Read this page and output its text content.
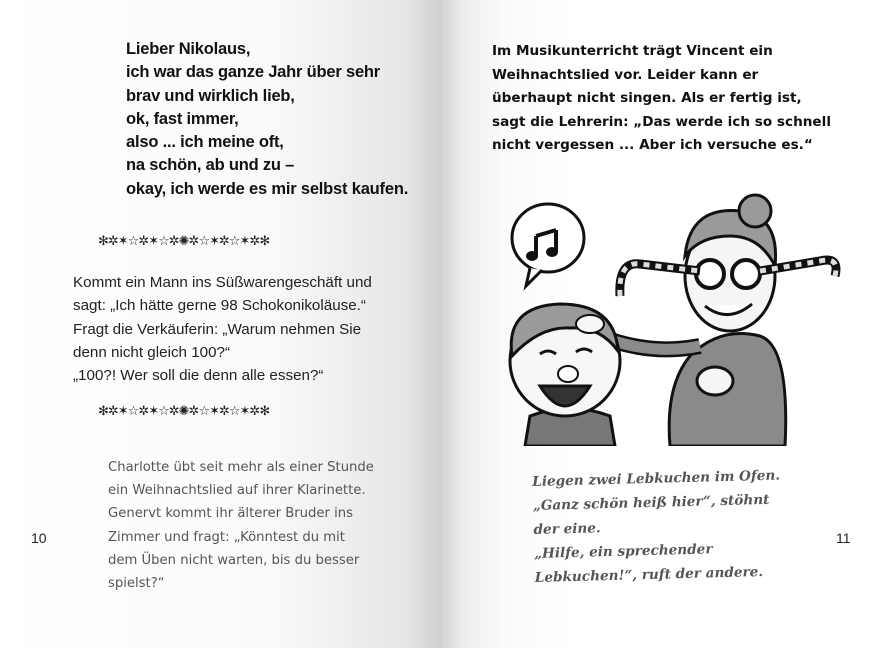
Lieber Nikolaus,
ich war das ganze Jahr über sehr
brav und wirklich lieb,
ok, fast immer,
also ... ich meine oft,
na schön, ab und zu –
okay, ich werde es mir selbst kaufen.
✻✲✶☆✲✶☆✲✺✲☆✶✲☆✶✲✻
Kommt ein Mann ins Süßwarengeschäft und
sagt: „Ich hätte gerne 98 Schokonikoläuse.“
Fragt die Verkäuferin: „Warum nehmen Sie
denn nicht gleich 100?“
„100?! Wer soll die denn alle essen?“
✻✲✶☆✲✶☆✲✺✲☆✶✲☆✶✲✻
Charlotte übt seit mehr als einer Stunde
ein Weihnachtslied auf ihrer Klarinette.
Genervt kommt ihr älterer Bruder ins
Zimmer und fragt: „Könntest du mit
dem Üben nicht warten, bis du besser
spielst?“
10
Im Musikunterricht trägt Vincent ein
Weihnachtslied vor. Leider kann er
überhaupt nicht singen. Als er fertig ist,
sagt die Lehrerin: „Das werde ich so schnell
nicht vergessen ... Aber ich versuche es.“
Liegen zwei Lebkuchen im Ofen.
„Ganz schön heiß hier“, stöhnt
der eine.
„Hilfe, ein sprechender
Lebkuchen!“, ruft der andere.
11
